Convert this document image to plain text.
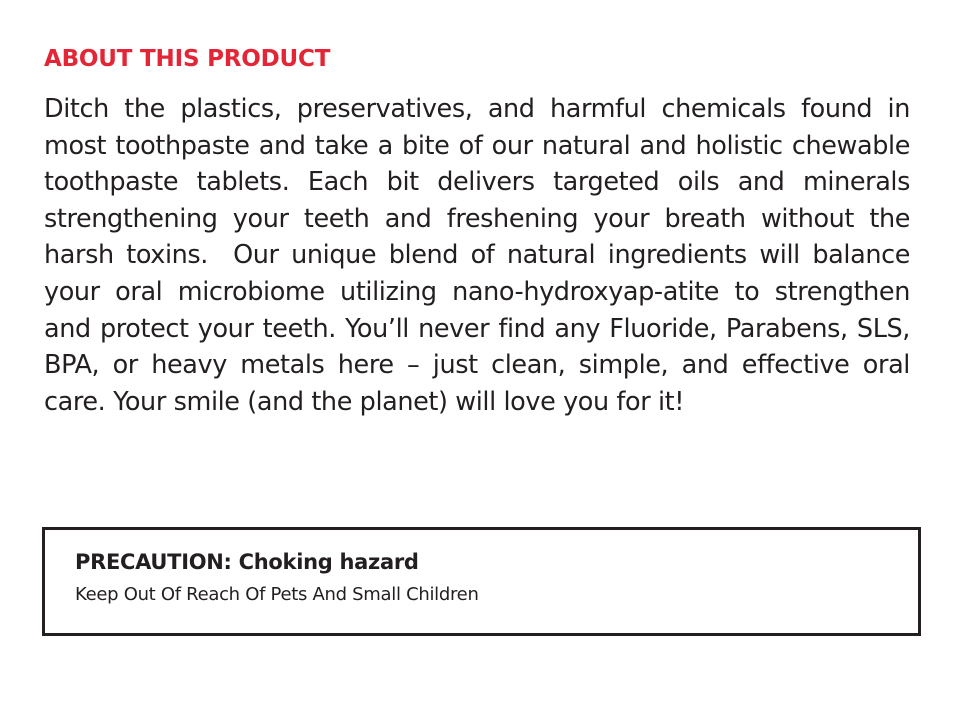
ABOUT THIS PRODUCT

Ditch the plastics, preservatives, and harmful chemicals found in most toothpaste and take a bite of our natural and holistic chewable toothpaste tablets. Each bit delivers targeted oils and minerals strengthening your teeth and freshening your breath without the harsh toxins.  Our unique blend of natural ingredients will balance your oral microbiome utilizing nano-hydroxyap-atite to strengthen and protect your teeth. You’ll never find any Fluoride, Parabens, SLS, BPA, or heavy metals here – just clean, simple, and effective oral care. Your smile (and the planet) will love you for it!

PRECAUTION: Choking hazard

Keep Out Of Reach Of Pets And Small Children
